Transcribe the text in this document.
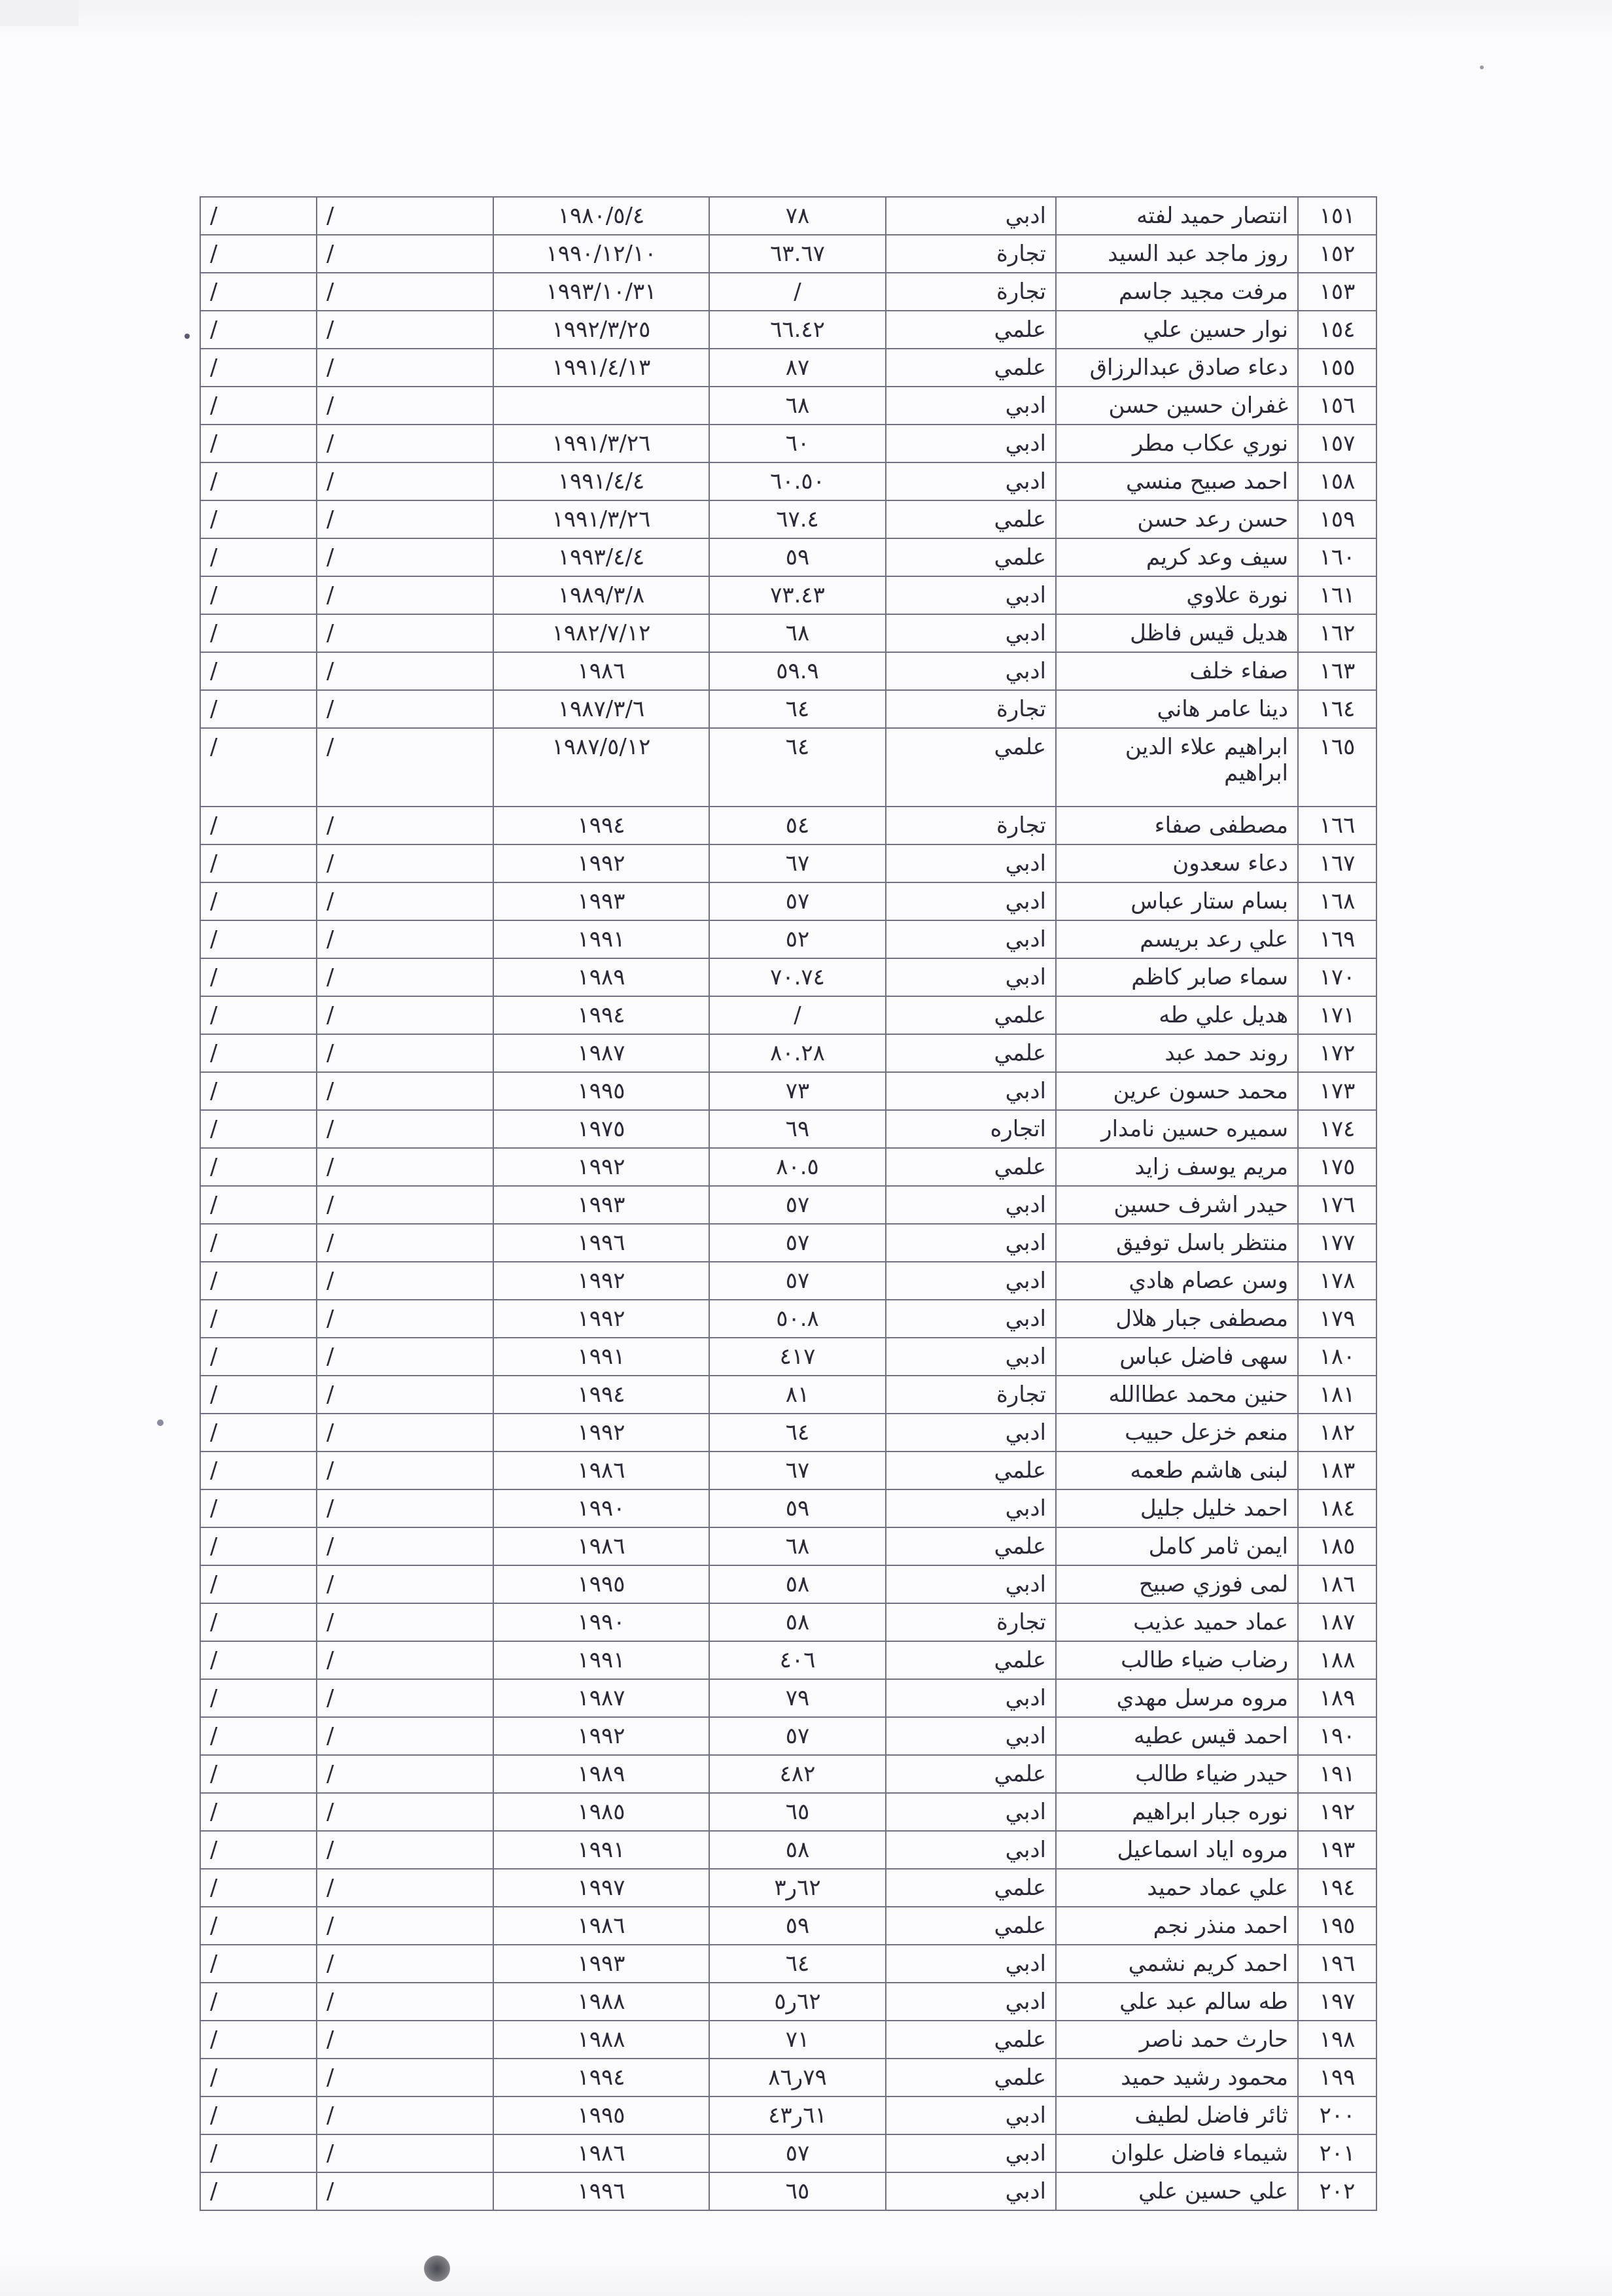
١٥١	انتصار حميد لفته	ادبي	٧٨	١٩٨٠/٥/٤	/	/
١٥٢	روز ماجد عبد السيد	تجارة	٦٣.٦٧	١٩٩٠/١٢/١٠	/	/
١٥٣	مرفت مجيد جاسم	تجارة	/	١٩٩٣/١٠/٣١	/	/
١٥٤	نوار حسين علي	علمي	٦٦.٤٢	١٩٩٢/٣/٢٥	/	/
١٥٥	دعاء صادق عبدالرزاق	علمي	٨٧	١٩٩١/٤/١٣	/	/
١٥٦	غفران حسين حسن	ادبي	٦٨		/	/
١٥٧	نوري عكاب مطر	ادبي	٦٠	١٩٩١/٣/٢٦	/	/
١٥٨	احمد صبيح منسي	ادبي	٦٠.٥٠	١٩٩١/٤/٤	/	/
١٥٩	حسن رعد حسن	علمي	٦٧.٤	١٩٩١/٣/٢٦	/	/
١٦٠	سيف وعد كريم	علمي	٥٩	١٩٩٣/٤/٤	/	/
١٦١	نورة علاوي	ادبي	٧٣.٤٣	١٩٨٩/٣/٨	/	/
١٦٢	هديل قيس فاظل	ادبي	٦٨	١٩٨٢/٧/١٢	/	/
١٦٣	صفاء خلف	ادبي	٥٩.٩	١٩٨٦	/	/
١٦٤	دينا عامر هاني	تجارة	٦٤	١٩٨٧/٣/٦	/	/
١٦٥	ابراهيم علاء الدين ابراهيم	علمي	٦٤	١٩٨٧/٥/١٢	/	/
١٦٦	مصطفى صفاء	تجارة	٥٤	١٩٩٤	/	/
١٦٧	دعاء سعدون	ادبي	٦٧	١٩٩٢	/	/
١٦٨	بسام ستار عباس	ادبي	٥٧	١٩٩٣	/	/
١٦٩	علي رعد بريسم	ادبي	٥٢	١٩٩١	/	/
١٧٠	سماء صابر كاظم	ادبي	٧٠.٧٤	١٩٨٩	/	/
١٧١	هديل علي طه	علمي	/	١٩٩٤	/	/
١٧٢	روند حمد عبد	علمي	٨٠.٢٨	١٩٨٧	/	/
١٧٣	محمد حسون عرين	ادبي	٧٣	١٩٩٥	/	/
١٧٤	سميره حسين نامدار	اتجاره	٦٩	١٩٧٥	/	/
١٧٥	مريم يوسف زايد	علمي	٨٠.٥	١٩٩٢	/	/
١٧٦	حيدر اشرف حسين	ادبي	٥٧	١٩٩٣	/	/
١٧٧	منتظر باسل توفيق	ادبي	٥٧	١٩٩٦	/	/
١٧٨	وسن عصام هادي	ادبي	٥٧	١٩٩٢	/	/
١٧٩	مصطفى جبار هلال	ادبي	٥٠.٨	١٩٩٢	/	/
١٨٠	سهى فاضل عباس	ادبي	٤١٧	١٩٩١	/	/
١٨١	حنين محمد عطاالله	تجارة	٨١	١٩٩٤	/	/
١٨٢	منعم خزعل حبيب	ادبي	٦٤	١٩٩٢	/	/
١٨٣	لبنى هاشم طعمه	علمي	٦٧	١٩٨٦	/	/
١٨٤	احمد خليل جليل	ادبي	٥٩	١٩٩٠	/	/
١٨٥	ايمن ثامر كامل	علمي	٦٨	١٩٨٦	/	/
١٨٦	لمى فوزي صبيح	ادبي	٥٨	١٩٩٥	/	/
١٨٧	عماد حميد عذيب	تجارة	٥٨	١٩٩٠	/	/
١٨٨	رضاب ضياء طالب	علمي	٤٠٦	١٩٩١	/	/
١٨٩	مروه مرسل مهدي	ادبي	٧٩	١٩٨٧	/	/
١٩٠	احمد قيس عطيه	ادبي	٥٧	١٩٩٢	/	/
١٩١	حيدر ضياء طالب	علمي	٤٨٢	١٩٨٩	/	/
١٩٢	نوره جبار ابراهيم	ادبي	٦٥	١٩٨٥	/	/
١٩٣	مروه اياد اسماعيل	ادبي	٥٨	١٩٩١	/	/
١٩٤	علي عماد حميد	علمي	٦٢ر٣	١٩٩٧	/	/
١٩٥	احمد منذر نجم	علمي	٥٩	١٩٨٦	/	/
١٩٦	احمد كريم نشمي	ادبي	٦٤	١٩٩٣	/	/
١٩٧	طه سالم عبد علي	ادبي	٦٢ر٥	١٩٨٨	/	/
١٩٨	حارث حمد ناصر	علمي	٧١	١٩٨٨	/	/
١٩٩	محمود رشيد حميد	علمي	٧٩ر٨٦	١٩٩٤	/	/
٢٠٠	ثائر فاضل لطيف	ادبي	٦١ر٤٣	١٩٩٥	/	/
٢٠١	شيماء فاضل علوان	ادبي	٥٧	١٩٨٦	/	/
٢٠٢	علي حسين علي	ادبي	٦٥	١٩٩٦	/	/
